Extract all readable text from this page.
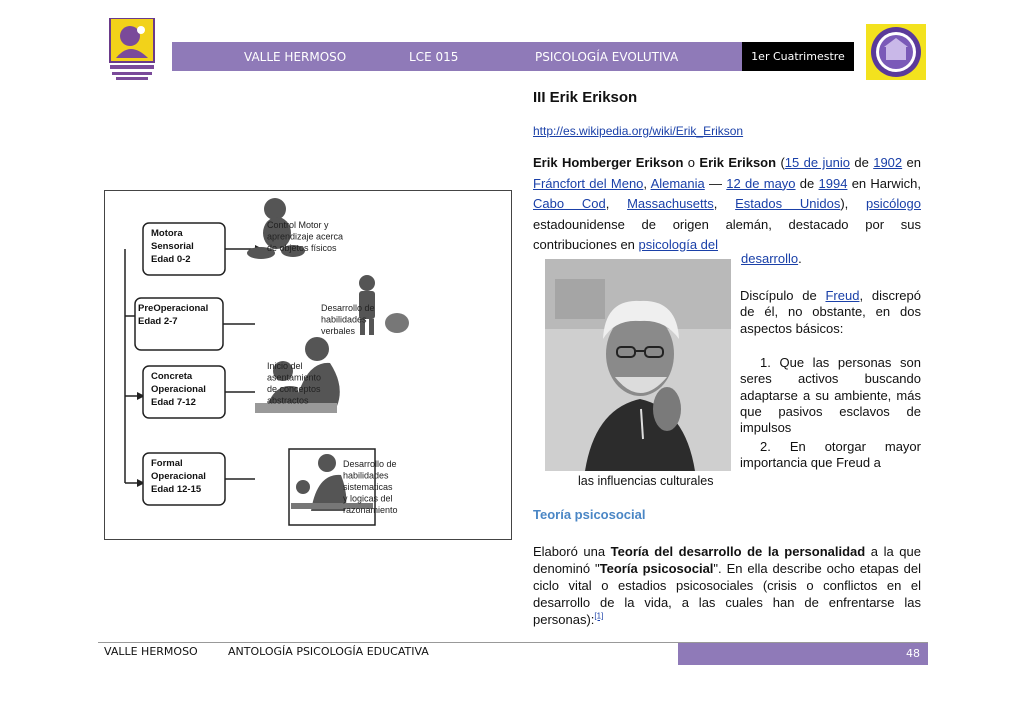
VALLE HERMOSO	LCE 015	PSICOLOGÍA EVOLUTIVA	1er Cuatrimestre
Motora Sensorial Edad 0-2
Control Motor y aprendizaje acerca de objetos físicos
PreOperacional Edad 2-7
Desarrollo de habilidades verbales
Concreta Operacional Edad 7-12
Inicio del asentamiento de conceptos abstractos
Formal Operacional Edad 12-15
Desarrollo de habilidades sistematicas y logicas del razonamiento
III Erik Erikson
http://es.wikipedia.org/wiki/Erik_Erikson
Erik Homberger Erikson o Erik Erikson (15 de junio de 1902 en Fráncfort del Meno, Alemania — 12 de mayo de 1994 en Harwich, Cabo Cod, Massachusetts, Estados Unidos), psicólogo estadounidense de origen alemán, destacado por sus contribuciones en psicología del
desarrollo.
Discípulo de Freud, discrepó de él, no obstante, en dos aspectos básicos:
1. Que las personas son seres activos buscando adaptarse a su ambiente, más que pasivos esclavos de impulsos
2. En otorgar mayor importancia que Freud a
las influencias culturales
Teoría psicosocial
Elaboró una Teoría del desarrollo de la personalidad a la que denominó "Teoría psicosocial". En ella describe ocho etapas del ciclo vital o estadios psicosociales (crisis o conflictos en el desarrollo de la vida, a las cuales han de enfrentarse las personas):[1]
VALLE HERMOSO	ANTOLOGÍA PSICOLOGÍA EDUCATIVA	48
